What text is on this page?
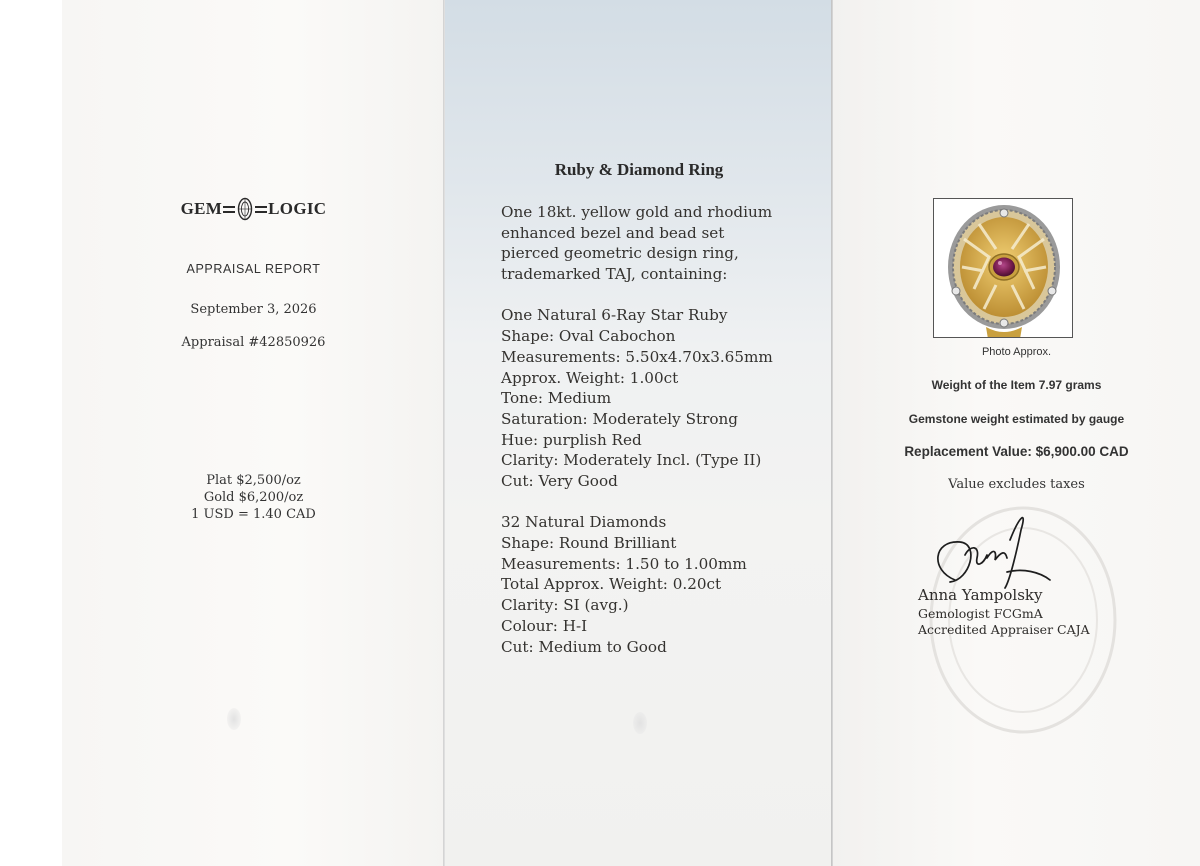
GEM	LOGIC
APPRAISAL REPORT
September 3, 2026
Appraisal #42850926
Plat $2,500/oz
Gold $6,200/oz
1 USD = 1.40 CAD
Ruby & Diamond Ring
One 18kt. yellow gold and rhodium
enhanced bezel and bead set
pierced geometric design ring,
trademarked TAJ, containing:
One Natural 6-Ray Star Ruby
Shape: Oval Cabochon
Measurements: 5.50x4.70x3.65mm
Approx. Weight: 1.00ct
Tone: Medium
Saturation: Moderately Strong
Hue: purplish Red
Clarity: Moderately Incl. (Type II)
Cut: Very Good
32 Natural Diamonds
Shape: Round Brilliant
Measurements: 1.50 to 1.00mm
Total Approx. Weight: 0.20ct
Clarity: SI (avg.)
Colour: H-I
Cut: Medium to Good
Photo Approx.
Weight of the Item 7.97 grams
Gemstone weight estimated by gauge
Replacement Value: $6,900.00 CAD
Value excludes taxes
Anna Yampolsky
Gemologist FCGmA
Accredited Appraiser CAJA
